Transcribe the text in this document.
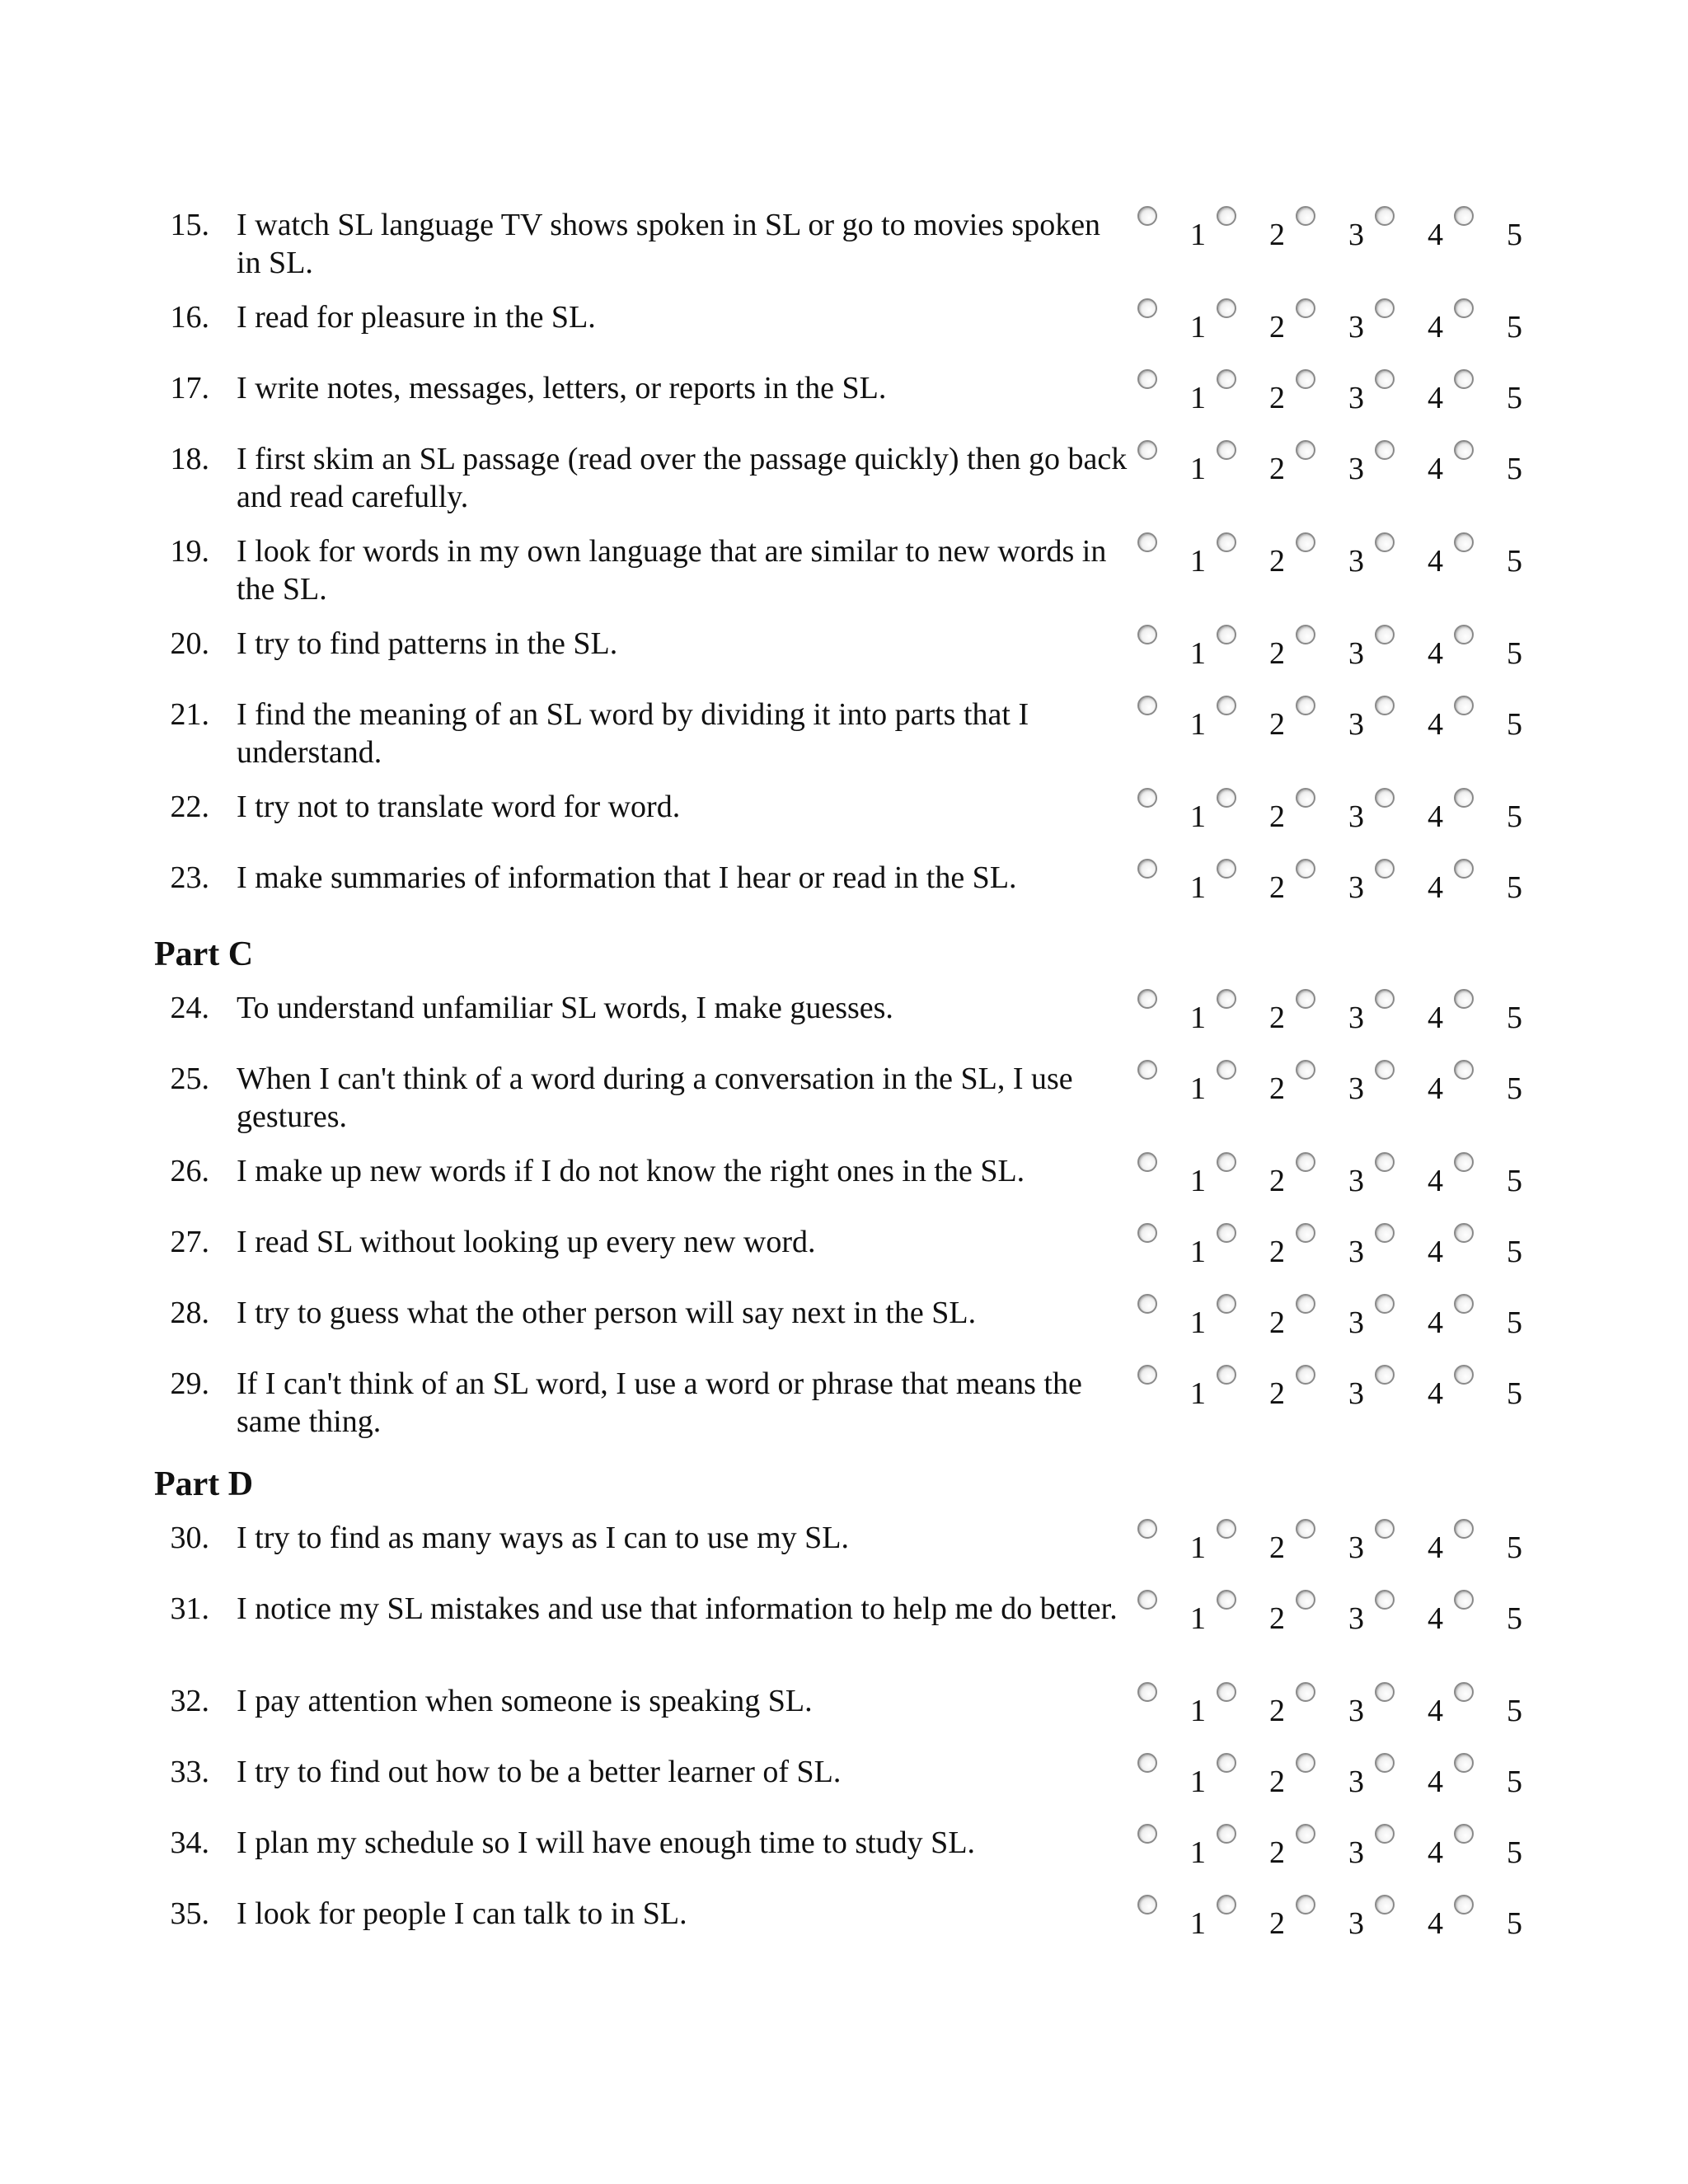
15. I watch SL language TV shows spoken in SL or go to movies spoken in SL.
1 2 3 4 5
16. I read for pleasure in the SL.	1 2 3 4 5
17. I write notes, messages, letters, or reports in the SL.	1 2 3 4 5
18. I first skim an SL passage (read over the passage quickly) then go back and read carefully.
1 2 3 4 5
19. I look for words in my own language that are similar to new words in the SL.
1 2 3 4 5
20. I try to find patterns in the SL.	1 2 3 4 5
21. I find the meaning of an SL word by dividing it into parts that I understand.
1 2 3 4 5
22. I try not to translate word for word.	1 2 3 4 5
23. I make summaries of information that I hear or read in the SL.	1 2 3 4 5
24. To understand unfamiliar SL words, I make guesses.	1 2 3 4 5
25. When I can't think of a word during a conversation in the SL, I use gestures.
1 2 3 4 5
26. I make up new words if I do not know the right ones in the SL.	1 2 3 4 5
27. I read SL without looking up every new word.	1 2 3 4 5
28. I try to guess what the other person will say next in the SL.	1 2 3 4 5
29. If I can't think of an SL word, I use a word or phrase that means the same thing.
1 2 3 4 5
30. I try to find as many ways as I can to use my SL.	1 2 3 4 5
31. I notice my SL mistakes and use that information to help me do better.	1 2 3 4 5
32. I pay attention when someone is speaking SL.	1 2 3 4 5
33. I try to find out how to be a better learner of SL.	1 2 3 4 5
34. I plan my schedule so I will have enough time to study SL.	1 2 3 4 5
35. I look for people I can talk to in SL.	1 2 3 4 5
Part C
Part D
